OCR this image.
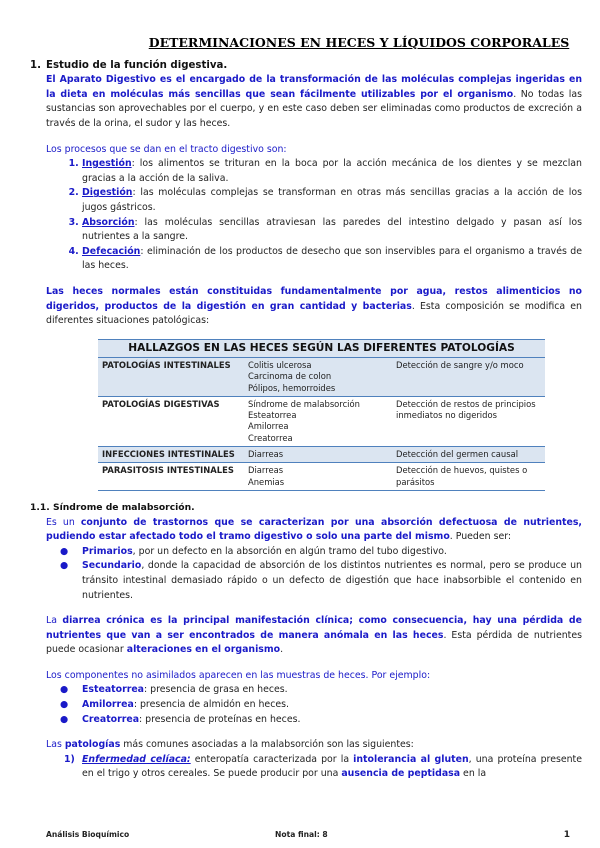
DETERMINACIONES EN HECES Y LÍQUIDOS CORPORALES
1. Estudio de la función digestiva.

El Aparato Digestivo es el encargado de la transformación de las moléculas complejas ingeridas en la dieta en moléculas más sencillas que sean fácilmente utilizables por el organismo. No todas las sustancias son aprovechables por el cuerpo, y en este caso deben ser eliminadas como productos de excreción a través de la orina, el sudor y las heces.

Los procesos que se dan en el tracto digestivo son:

1. Ingestión: los alimentos se trituran en la boca por la acción mecánica de los dientes y se mezclan gracias a la acción de la saliva.
2. Digestión: las moléculas complejas se transforman en otras más sencillas gracias a la acción de los jugos gástricos.
3. Absorción: las moléculas sencillas atraviesan las paredes del intestino delgado y pasan así los nutrientes a la sangre.
4. Defecación: eliminación de los productos de desecho que son inservibles para el organismo a través de las heces.

Las heces normales están constituidas fundamentalmente por agua, restos alimenticios no digeridos, productos de la digestión en gran cantidad y bacterias. Esta composición se modifica en diferentes situaciones patológicas:

HALLAZGOS EN LAS HECES SEGÚN LAS DIFERENTES PATOLOGÍAS		
PATOLOGÍAS INTESTINALES	Colitis ulcerosa
Carcinoma de colon
Pólipos, hemorroides	Detección de sangre y/o moco
PATOLOGÍAS DIGESTIVAS	Síndrome de malabsorción
Esteatorrea
Amilorrea
Creatorrea	Detección de restos de principios inmediatos no digeridos
INFECCIONES INTESTINALES	Diarreas	Detección del germen causal
PARASITOSIS INTESTINALES	Diarreas
Anemias	Detección de huevos, quistes o parásitos
1.1. Síndrome de malabsorción.

Es un conjunto de trastornos que se caracterizan por una absorción defectuosa de nutrientes, pudiendo estar afectado todo el tramo digestivo o solo una parte del mismo. Pueden ser:

● Primarios, por un defecto en la absorción en algún tramo del tubo digestivo.
● Secundario, donde la capacidad de absorción de los distintos nutrientes es normal, pero se produce un tránsito intestinal demasiado rápido o un defecto de digestión que hace inabsorbible el contenido en nutrientes.

La diarrea crónica es la principal manifestación clínica; como consecuencia, hay una pérdida de nutrientes que van a ser encontrados de manera anómala en las heces. Esta pérdida de nutrientes puede ocasionar alteraciones en el organismo.

Los componentes no asimilados aparecen en las muestras de heces. Por ejemplo:

● Esteatorrea: presencia de grasa en heces.
● Amilorrea: presencia de almidón en heces.
● Creatorrea: presencia de proteínas en heces.

Las patologías más comunes asociadas a la malabsorción son las siguientes:

1) Enfermedad celíaca: enteropatía caracterizada por la intolerancia al gluten, una proteína presente en el trigo y otros cereales. Se puede producir por una ausencia de peptidasa en la

Análisis Bioquímico	Nota final: 8	1
